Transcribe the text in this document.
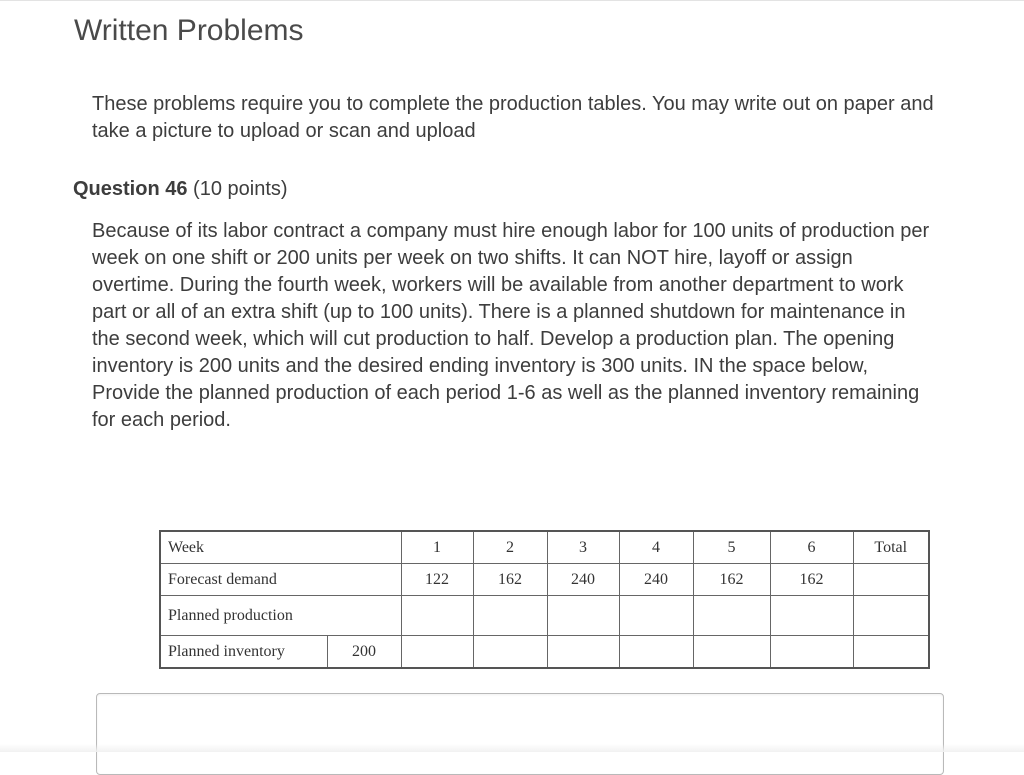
Written Problems

These problems require you to complete the production tables. You may write out on paper and take a picture to upload or scan and upload

Question 46 (10 points)

Because of its labor contract a company must hire enough labor for 100 units of production per week on one shift or 200 units per week on two shifts. It can NOT hire, layoff or assign overtime. During the fourth week, workers will be available from another department to work part or all of an extra shift (up to 100 units). There is a planned shutdown for maintenance in the second week, which will cut production to half. Develop a production plan. The opening inventory is 200 units and the desired ending inventory is 300 units. IN the space below, Provide the planned production of each period 1-6 as well as the planned inventory remaining for each period.

Week		1	2	3	4	5	6	Total
Forecast demand		122	162	240	240	162	162	
Planned production								
Planned inventory	200							
